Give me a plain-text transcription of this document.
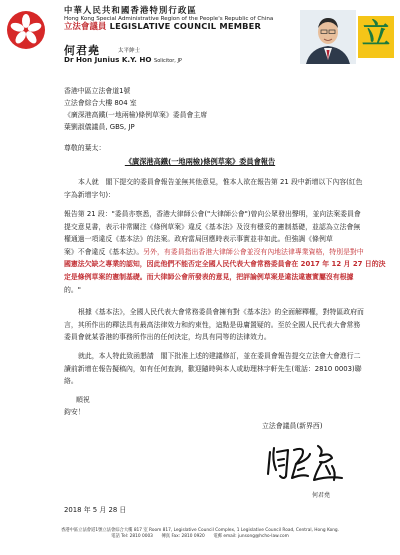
中華人民共和國香港特別行政區
Hong Kong Special Administrative Region of the People's Republic of China
立法會議員 LEGISLATIVE COUNCIL MEMBER
何君堯	太平紳士
Dr Hon Junius K.Y. HO Solicitor, JP
立
香港中區立法會道1號
立法會綜合大樓 804 室
《廣深港高鐵(一地兩檢)條例草案》委員會主席
葉劉淑儀議員, GBS, JP
尊敬的葉太：
《廣深港高鐵(一地兩檢)條例草案》委員會報告
本人就　閣下提交的委員會報告並無其他意見，惟本人欲在報告第 21 段中新增以下內容(紅色
字為新增字句)：
報告第 21 段："委員亦察悉，香港大律師公會("大律師公會")曾向公眾發出聲明，並向法案委員會
提交意見書，表示非常關注《條例草案》違反《基本法》及沒有穩妥的憲制基礎，並認為立法會無
權通過一項違反《基本法》的法案。政府當局回應時表示事實並非如此。但強調《條例草
案》不會違反《基本法》。另外，有委員指出香港大律師公會並沒有內地法律專業資格，特別是對中
國憲法欠缺之專業的認知，因此他們不能否定全國人民代表大會常務委員會在 2017 年 12 月 27 日的決
定是條例草案的憲制基礎。而大律師公會所發表的意見，把評論例草案是違法違憲實屬沒有根據
的。"
根據《基本法》，全國人民代表大會常務委員會擁有對《基本法》的全面解釋權，對特區政府而
言，其所作出的釋法具有最高法律效力和約束性，這點是毋庸置疑的。至於全國人民代表大會常務
委員會就某香港的事務所作出的任何決定，均具有同等的法律效力。
就此，本人特此致函懇請　閣下批准上述的建議修訂，並在委員會報告提交立法會大會進行二
讀前新增在報告擬稿內，如有任何查詢，歡迎隨時與本人或助理林宇軒先生(電話：2810 0003)聯
絡。
順祝
鈞安！
立法會議員(新界西)
何君堯
2018 年 5 月 28 日
香港中區立法會道1號立法會綜合大樓 817 室 Room 817, Legislative Council Complex, 1 Legislative Council Road, Central, Hong Kong.
電話 Tel: 2810 0003　　傳真 Fax: 2810 0920　　電郵 email: junsong@hcho-law.com
